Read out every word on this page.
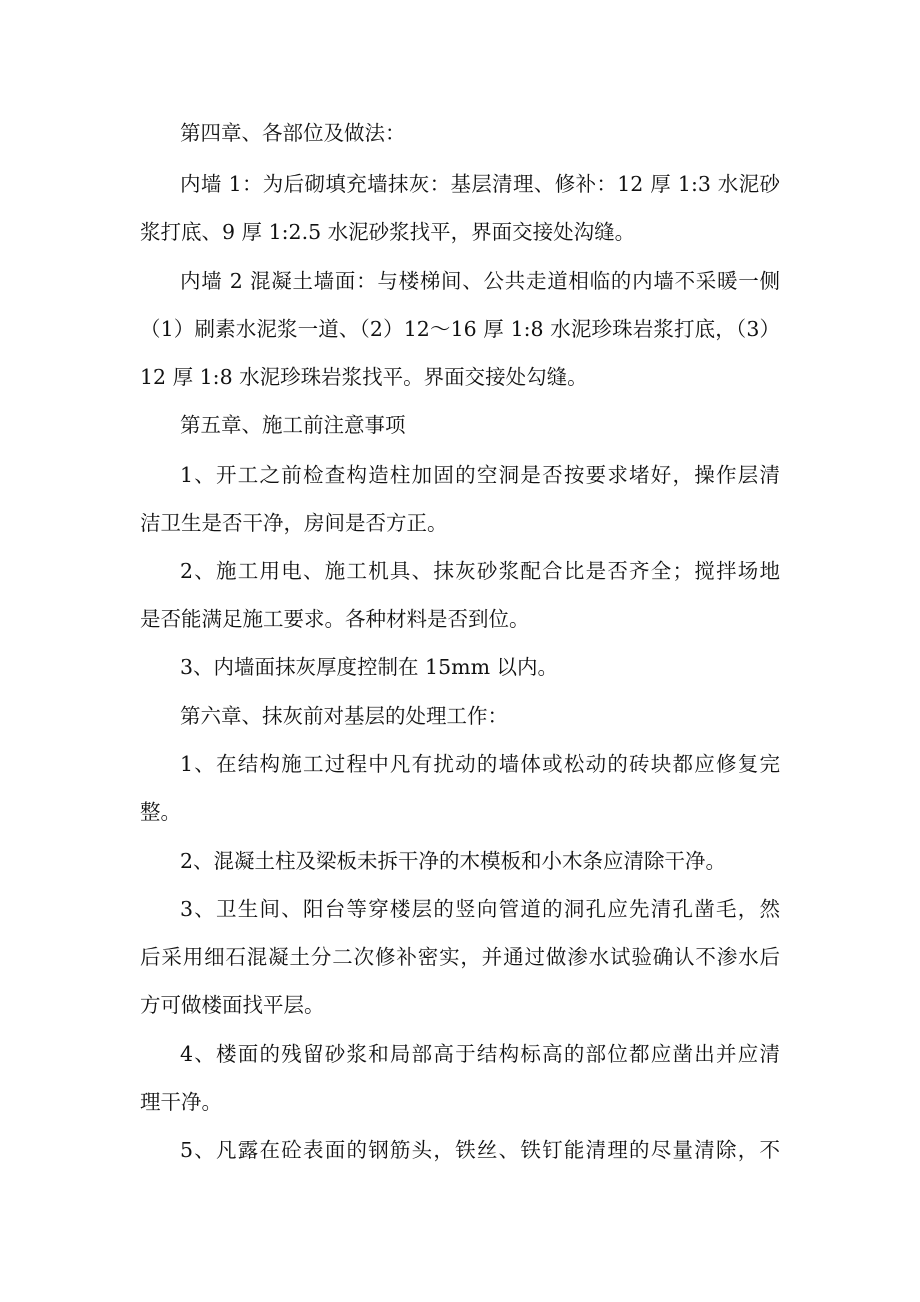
第四章、各部位及做法：
内墙 1：为后砌填充墙抹灰：基层清理、修补：12 厚 1:3 水泥砂
浆打底、9 厚 1:2.5 水泥砂浆找平，界面交接处沟缝。
内墙 2 混凝土墙面：与楼梯间、公共走道相临的内墙不采暖一侧
（1）刷素水泥浆一道、（2）12～16 厚 1:8 水泥珍珠岩浆打底，（3）
12 厚 1:8 水泥珍珠岩浆找平。界面交接处勾缝。
第五章、施工前注意事项
1、开工之前检查构造柱加固的空洞是否按要求堵好，操作层清
洁卫生是否干净，房间是否方正。
2、施工用电、施工机具、抹灰砂浆配合比是否齐全；搅拌场地
是否能满足施工要求。各种材料是否到位。
3、内墙面抹灰厚度控制在 15mm 以内。
第六章、抹灰前对基层的处理工作：
1、在结构施工过程中凡有扰动的墙体或松动的砖块都应修复完
整。
2、混凝土柱及梁板未拆干净的木模板和小木条应清除干净。
3、卫生间、阳台等穿楼层的竖向管道的洞孔应先清孔凿毛，然
后采用细石混凝土分二次修补密实，并通过做渗水试验确认不渗水后
方可做楼面找平层。
4、楼面的残留砂浆和局部高于结构标高的部位都应凿出并应清
理干净。
5、凡露在砼表面的钢筋头，铁丝、铁钉能清理的尽量清除，不
